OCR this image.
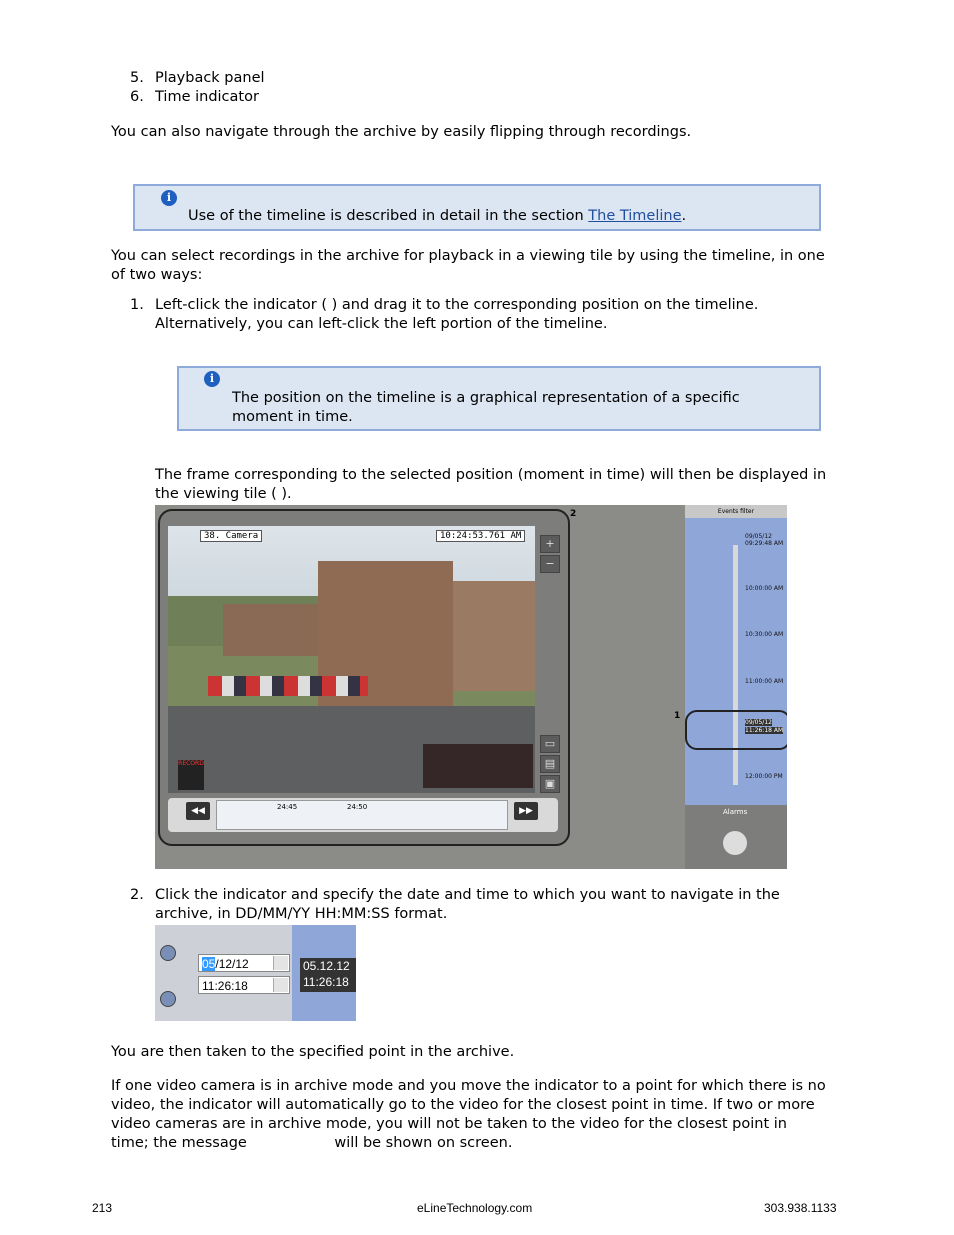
5. Playback panel
6. Time indicator
You can also navigate through the archive by easily flipping through recordings.
i
Use of the timeline is described in detail in the section The Timeline.
You can select recordings in the archive for playback in a viewing tile by using the timeline, in one
of two ways:
1. Left-click the indicator ( ) and drag it to the corresponding position on the timeline.
Alternatively, you can left-click the left portion of the timeline.
i
The position on the timeline is a graphical representation of a specific
moment in time.
The frame corresponding to the selected position (moment in time) will then be displayed in
the viewing tile ( ).
38. Camera	10:24:53.761 AM
RECORD
◀◀	24:45	24:50	▶▶
+
−
▭
▤
▣
2
1
Events filter
09/05/12
09:29:48 AM
10:00:00 AM
10:30:00 AM
11:00:00 AM
09/05/12
11:26:18 AM
12:00:00 PM
Alarms
2. Click the indicator and specify the date and time to which you want to navigate in the
archive, in DD/MM/YY HH:MM:SS format.
05/12/12
11:26:18
05.12.12
11:26:18
You are then taken to the specified point in the archive.
If one video camera is in archive mode and you move the indicator to a point for which there is no
video, the indicator will automatically go to the video for the closest point in time. If two or more
video cameras are in archive mode, you will not be taken to the video for the closest point in
time; the message                   will be shown on screen.
213	eLineTechnology.com	303.938.1133
